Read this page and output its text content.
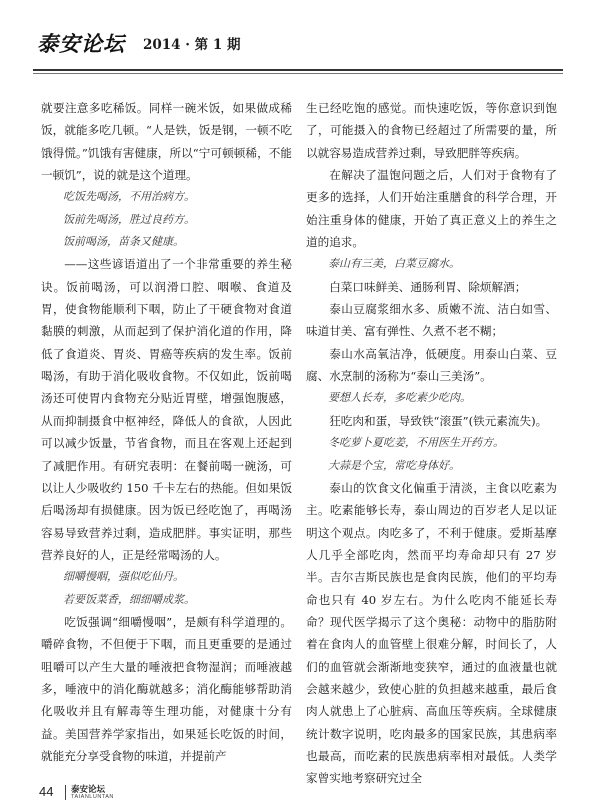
泰安论坛 2014 · 第 1 期

就要注意多吃稀饭。同样一碗米饭，如果做成稀饭，就能多吃几顿。“人是铁，饭是钢，一顿不吃饿得慌。”饥饿有害健康，所以“宁可顿顿稀，不能一顿饥”，说的就是这个道理。

吃饭先喝汤，不用治病方。

饭前先喝汤，胜过良药方。

饭前喝汤，苗条又健康。

——这些谚语道出了一个非常重要的养生秘诀。饭前喝汤，可以润滑口腔、咽喉、食道及胃，使食物能顺利下咽，防止了干硬食物对食道黏膜的刺激，从而起到了保护消化道的作用，降低了食道炎、胃炎、胃癌等疾病的发生率。饭前喝汤，有助于消化吸收食物。不仅如此，饭前喝汤还可使胃内食物充分贴近胃壁，增强饱腹感，从而抑制摄食中枢神经，降低人的食欲，人因此可以减少饭量，节省食物，而且在客观上还起到了减肥作用。有研究表明：在餐前喝一碗汤，可以让人少吸收约 150 千卡左右的热能。但如果饭后喝汤却有损健康。因为饭已经吃饱了，再喝汤容易导致营养过剩，造成肥胖。事实证明，那些营养良好的人，正是经常喝汤的人。

细嚼慢咽，强似吃仙丹。

若要饭菜香，细细嚼成浆。

吃饭强调“细嚼慢咽”，是颇有科学道理的。嚼碎食物，不但便于下咽，而且更重要的是通过咀嚼可以产生大量的唾液把食物湿润；而唾液越多，唾液中的消化酶就越多；消化酶能够帮助消化吸收并且有解毒等生理功能，对健康十分有益。美国营养学家指出，如果延长吃饭的时间，就能充分享受食物的味道，并提前产

生已经吃饱的感觉。而快速吃饭，等你意识到饱了，可能摄入的食物已经超过了所需要的量，所以就容易造成营养过剩，导致肥胖等疾病。

在解决了温饱问题之后，人们对于食物有了更多的选择，人们开始注重膳食的科学合理，开始注重身体的健康，开始了真正意义上的养生之道的追求。

泰山有三美，白菜豆腐水。

白菜口味鲜美、通肠利胃、除烦解酒；

泰山豆腐浆细水多、质嫩不流、洁白如雪、味道甘美、富有弹性、久煮不老不糊；

泰山水高氧洁净，低硬度。用泰山白菜、豆腐、水烹制的汤称为“泰山三美汤”。

要想人长寿，多吃素少吃肉。

狂吃肉和蛋，导致铁“滚蛋”(铁元素流失)。

冬吃萝卜夏吃姜，不用医生开药方。

大蒜是个宝，常吃身体好。

泰山的饮食文化偏重于清淡，主食以吃素为主。吃素能够长寿，泰山周边的百岁老人足以证明这个观点。肉吃多了，不利于健康。爱斯基摩人几乎全部吃肉，然而平均寿命却只有 27 岁半。吉尔吉斯民族也是食肉民族，他们的平均寿命也只有 40 岁左右。为什么吃肉不能延长寿命？现代医学揭示了这个奥秘：动物中的脂肪附着在食肉人的血管壁上很难分解，时间长了，人们的血管就会渐渐地变狭窄，通过的血液量也就会越来越少，致使心脏的负担越来越重，最后食肉人就患上了心脏病、高血压等疾病。全球健康统计数字说明，吃肉最多的国家民族，其患病率也最高，而吃素的民族患病率相对最低。人类学家曾实地考察研究过全

44 泰安论坛
TAIANLUNTAN
